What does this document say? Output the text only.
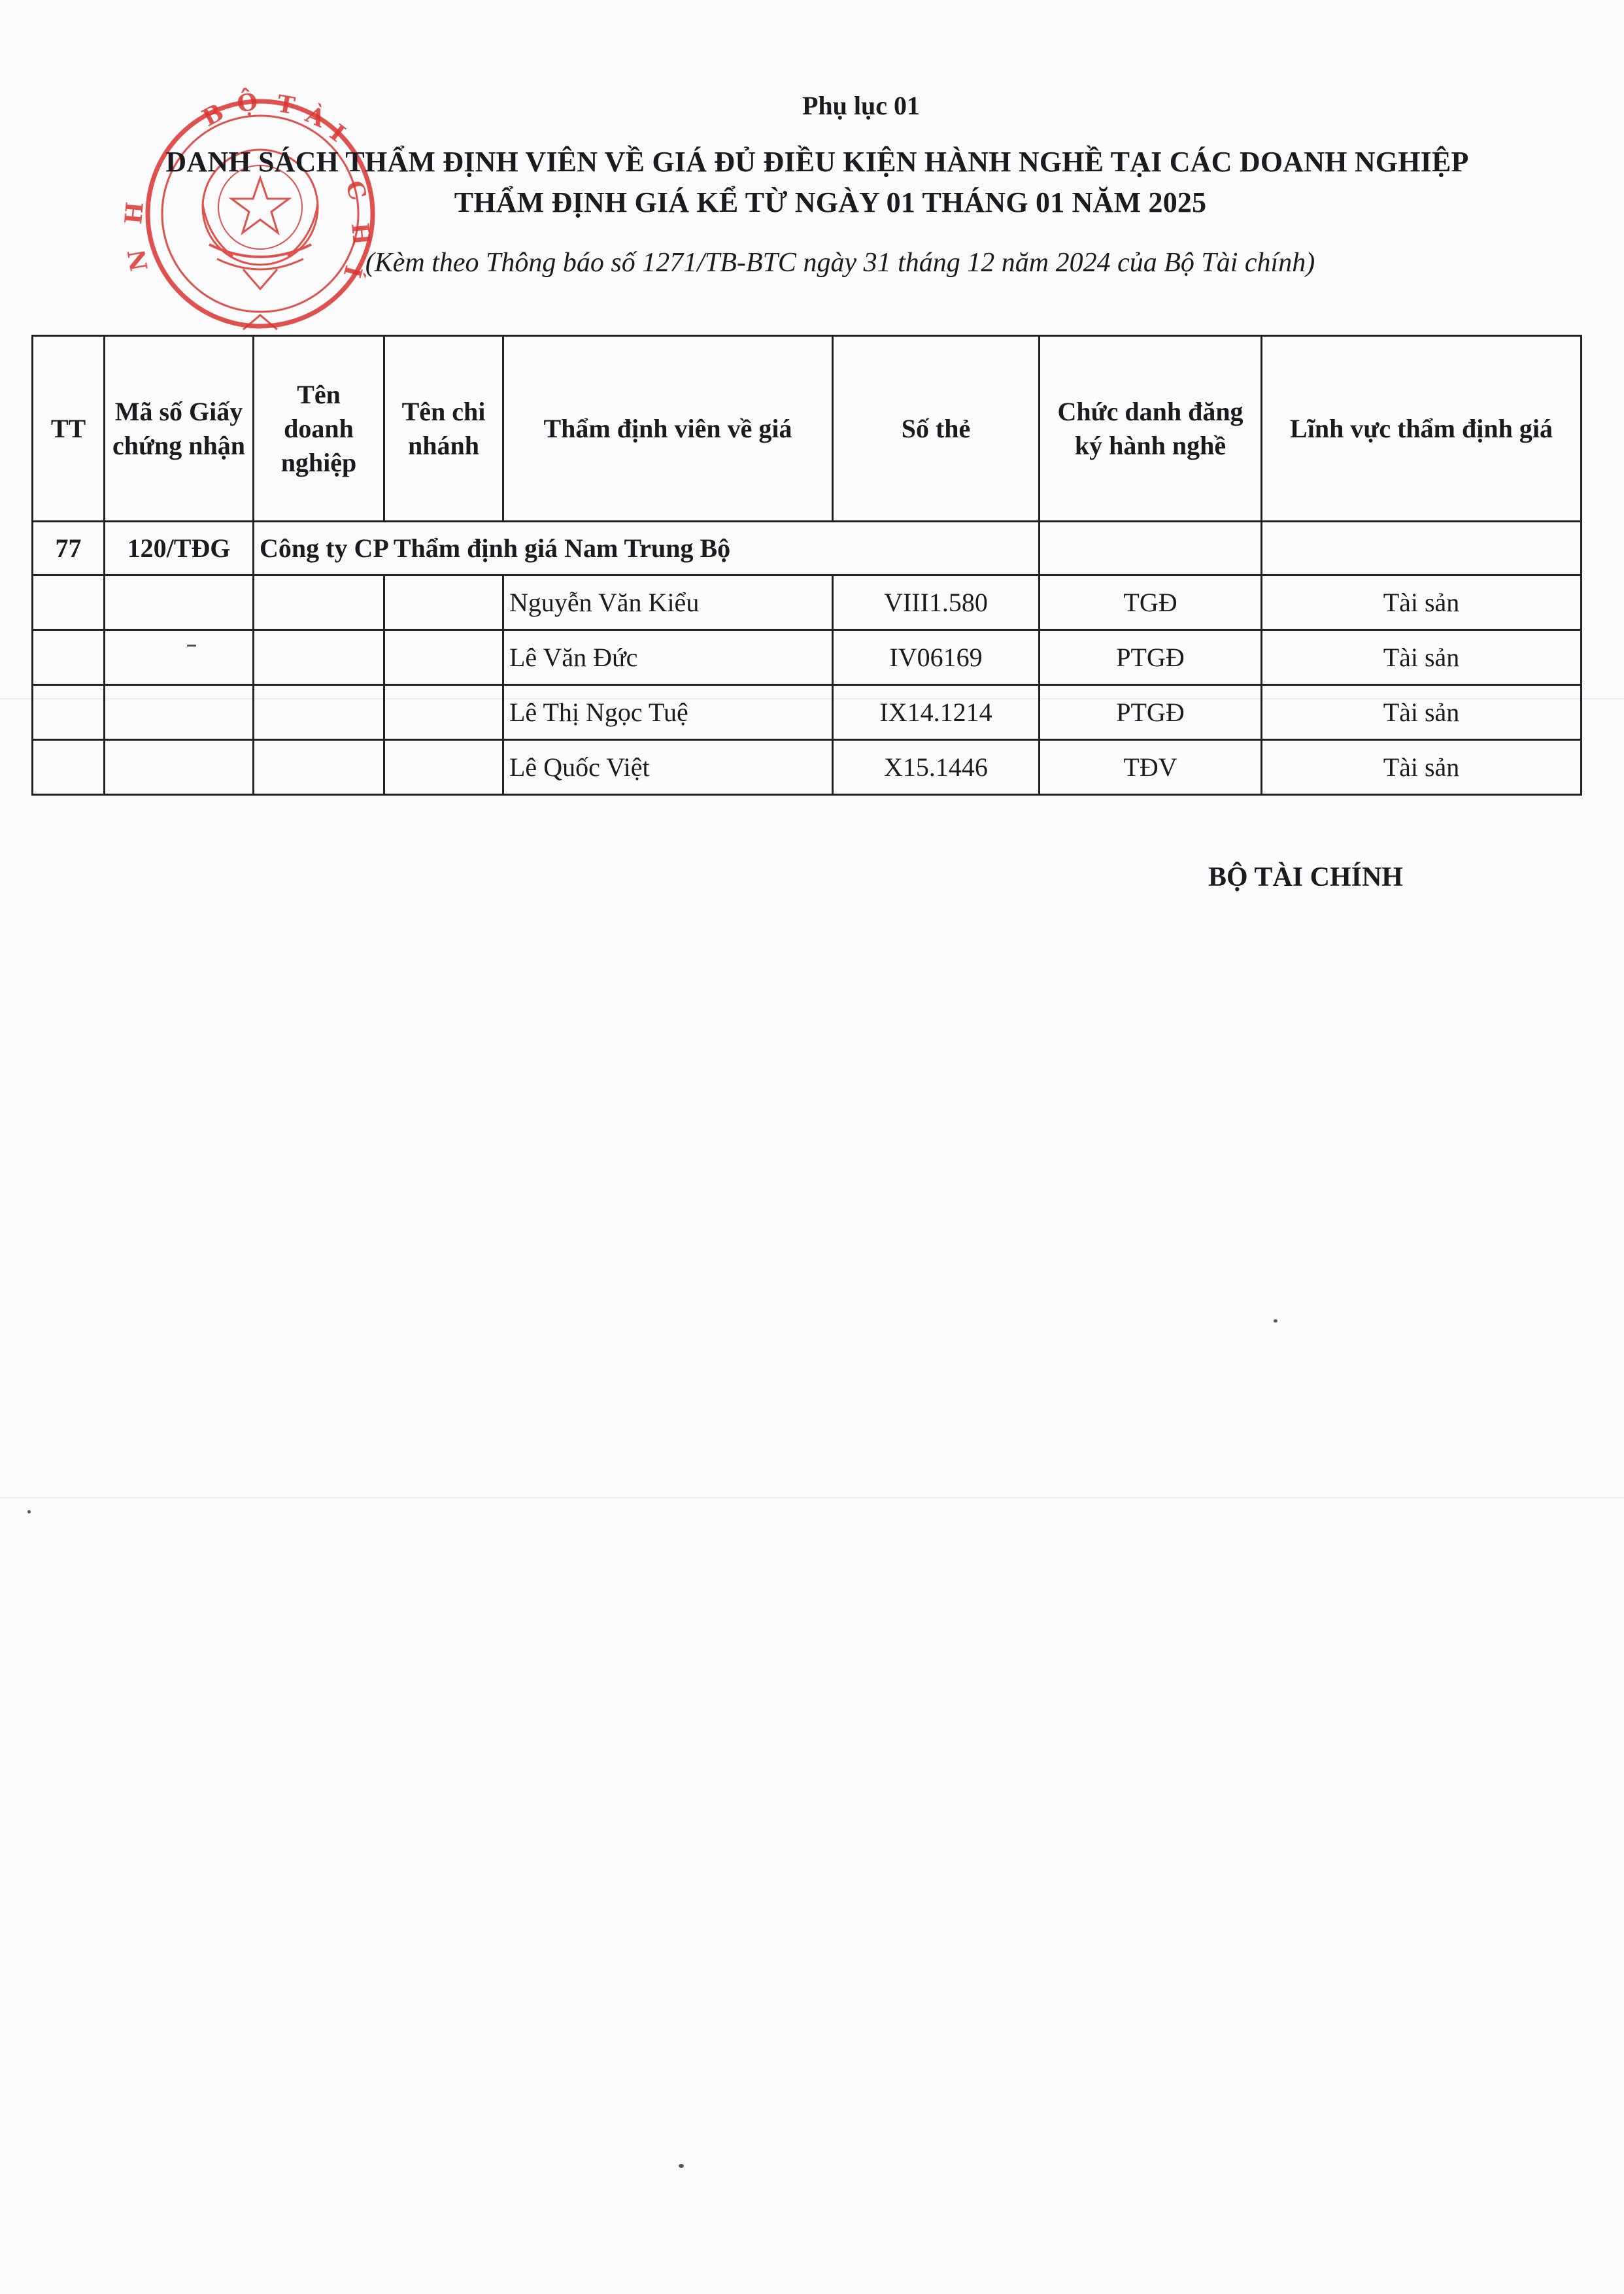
B Ộ T À
I
C
H
Í
N
H
Phụ lục 01
DANH SÁCH THẨM ĐỊNH VIÊN VỀ GIÁ ĐỦ ĐIỀU KIỆN HÀNH NGHỀ TẠI CÁC DOANH NGHIỆP
THẨM ĐỊNH GIÁ KỂ TỪ NGÀY 01 THÁNG 01 NĂM 2025
(Kèm theo Thông báo số 1271/TB-BTC ngày 31 tháng 12 năm 2024 của Bộ Tài chính)
TT	Mã số Giấy chứng nhận	Tên doanh nghiệp	Tên chi nhánh	Thẩm định viên về giá	Số thẻ	Chức danh đăng ký hành nghề	Lĩnh vực thẩm định giá
77	120/TĐG	Công ty CP Thẩm định giá Nam Trung Bộ					
				Nguyễn Văn Kiểu	VIII1.580	TGĐ	Tài sản
				Lê Văn Đức	IV06169	PTGĐ	Tài sản
				Lê Thị Ngọc Tuệ	IX14.1214	PTGĐ	Tài sản
				Lê Quốc Việt	X15.1446	TĐV	Tài sản
BỘ TÀI CHÍNH
